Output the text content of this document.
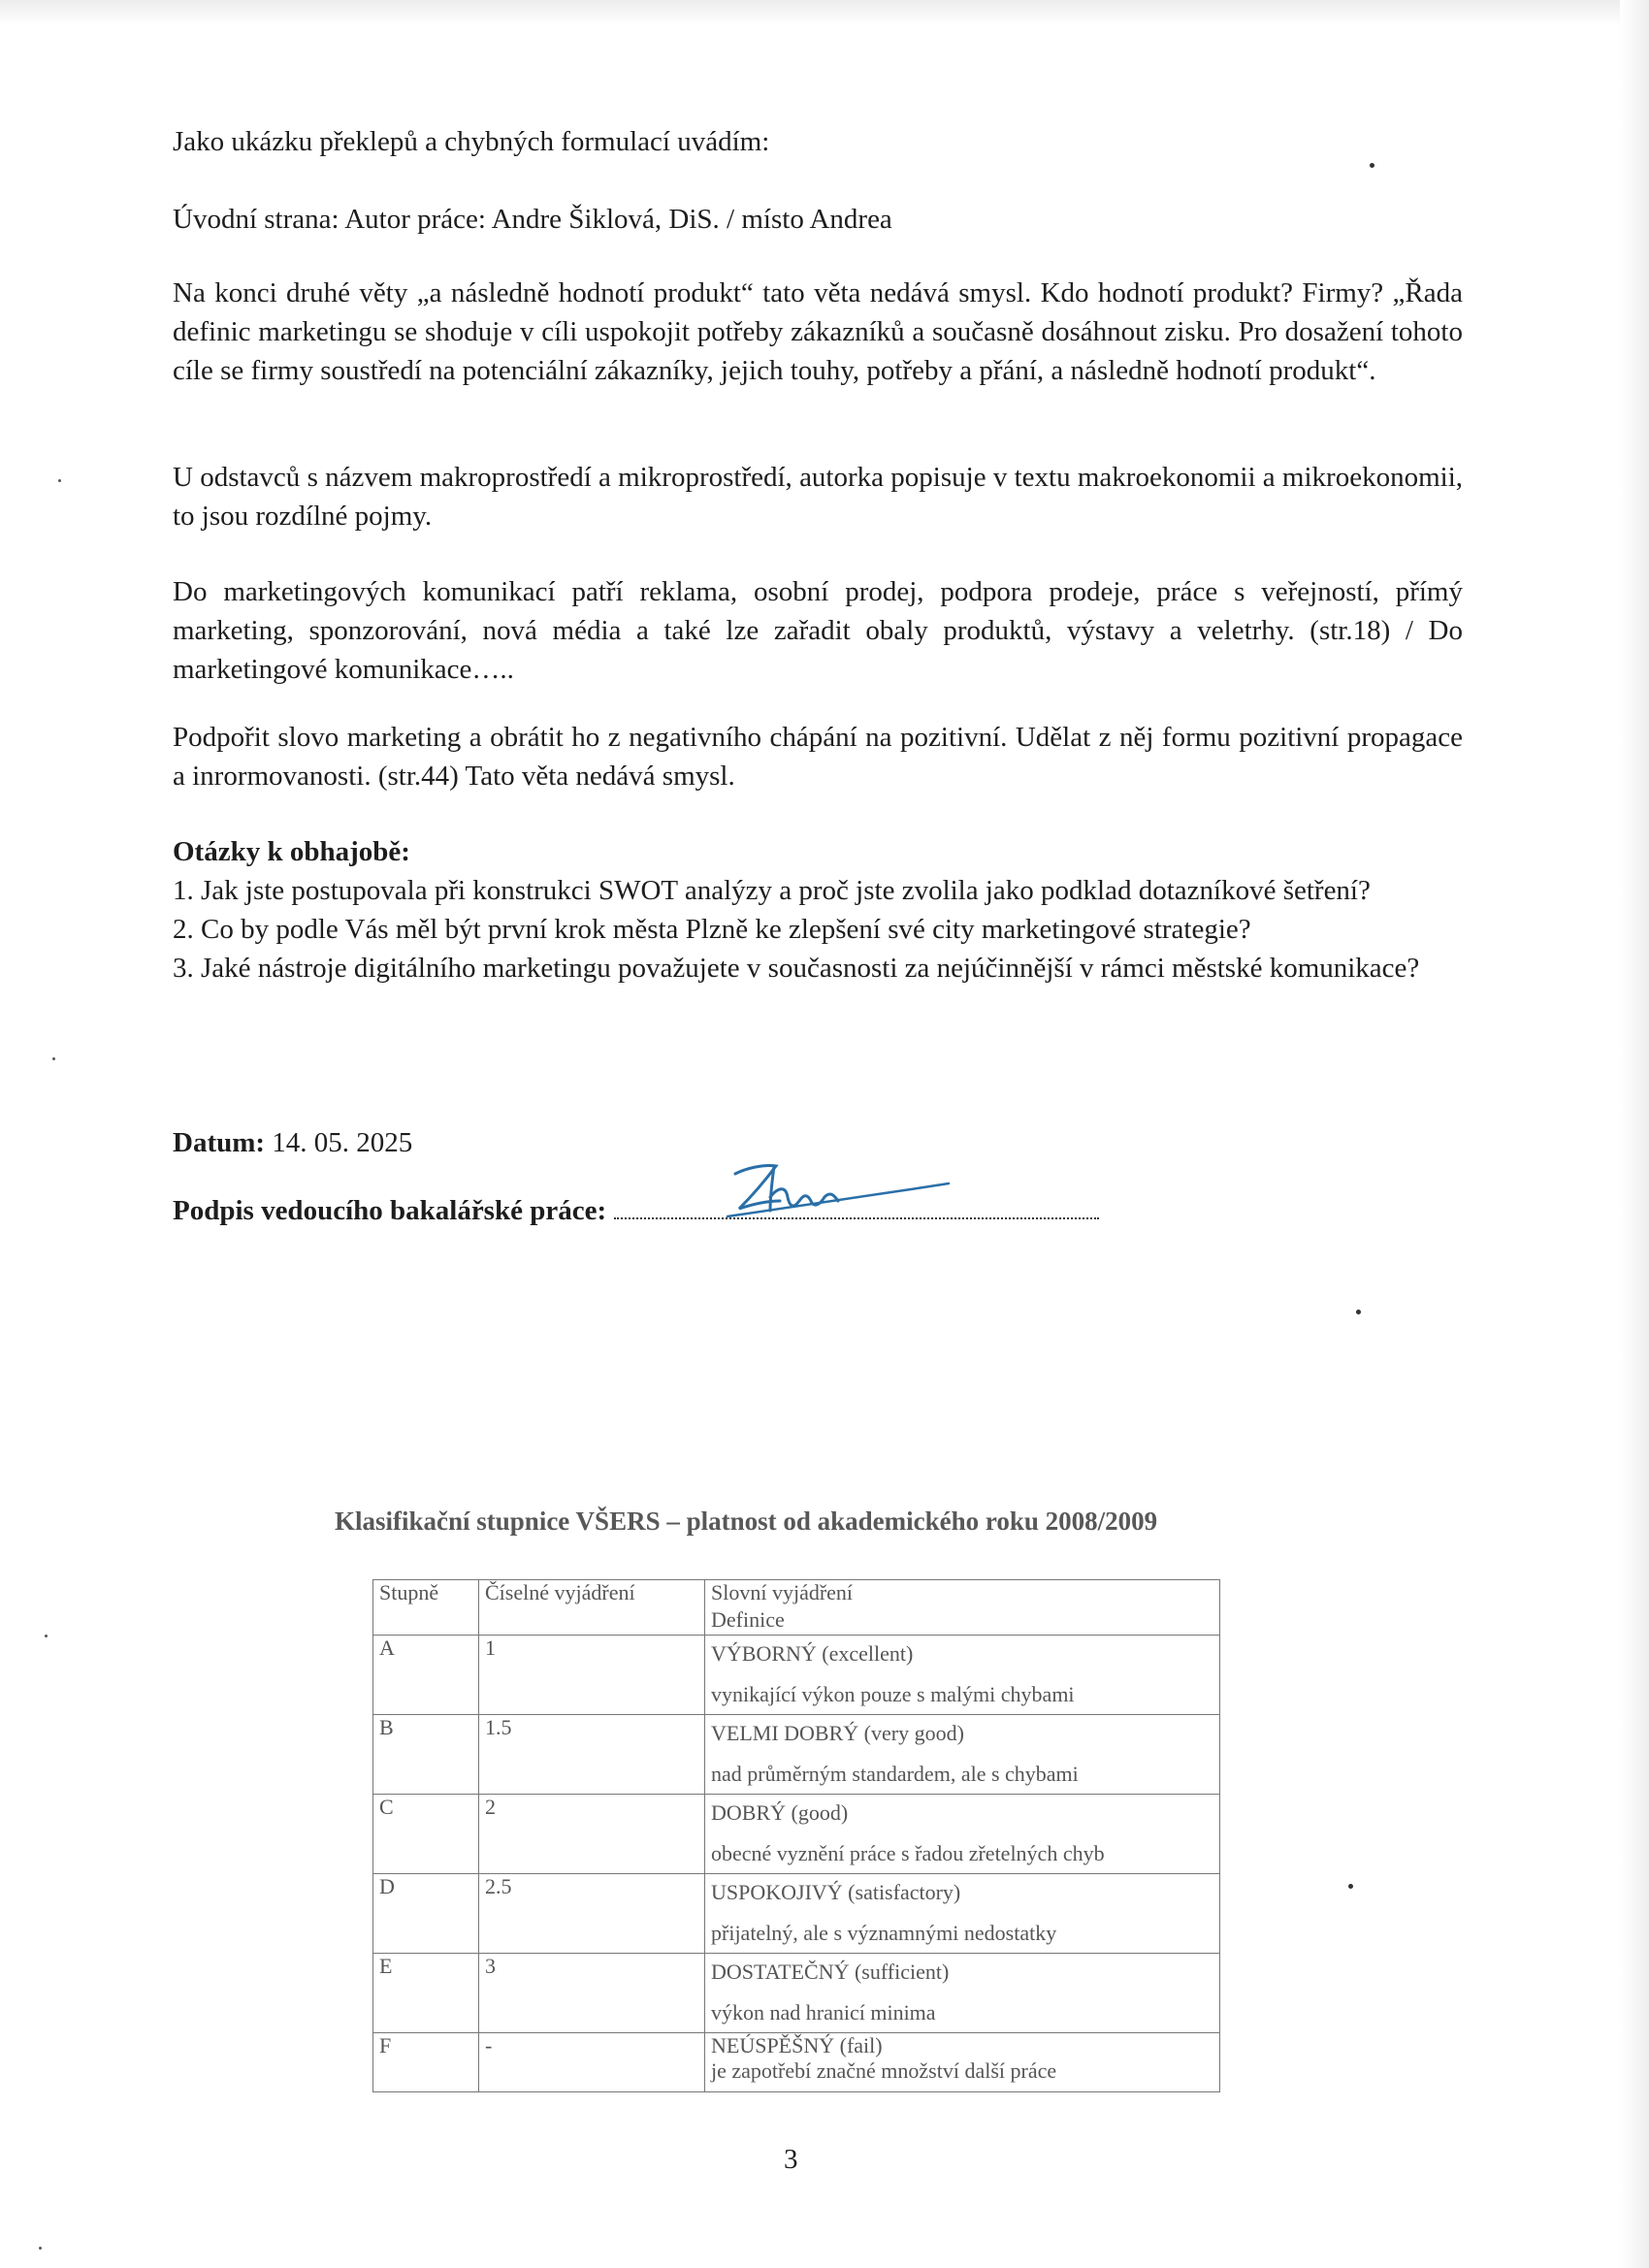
Jako ukázku překlepů a chybných formulací uvádím:

Úvodní strana: Autor práce: Andre Šiklová, DiS. / místo Andrea

Na konci druhé věty „a následně hodnotí produkt“ tato věta nedává smysl. Kdo hodnotí produkt? Firmy? „Řada definic marketingu se shoduje v cíli uspokojit potřeby zákazníků a současně dosáhnout zisku. Pro dosažení tohoto cíle se firmy soustředí na potenciální zákazníky, jejich touhy, potřeby a přání, a následně hodnotí produkt“.

U odstavců s názvem makroprostředí a mikroprostředí, autorka popisuje v textu makroekonomii a mikroekonomii, to jsou rozdílné pojmy.

Do marketingových komunikací patří reklama, osobní prodej, podpora prodeje, práce s veřejností, přímý marketing, sponzorování, nová média a také lze zařadit obaly produktů, výstavy a veletrhy. (str.18) / Do marketingové komunikace…..

Podpořit slovo marketing a obrátit ho z negativního chápání na pozitivní. Udělat z něj formu pozitivní propagace a inrormovanosti. (str.44) Tato věta nedává smysl.

Otázky k obhajobě:

1. Jak jste postupovala při konstrukci SWOT analýzy a proč jste zvolila jako podklad dotazníkové šetření?

2. Co by podle Vás měl být první krok města Plzně ke zlepšení své city marketingové strategie?

3. Jaké nástroje digitálního marketingu považujete v současnosti za nejúčinnější v rámci městské komunikace?

Datum: 14. 05. 2025
Podpis vedoucího bakalářské práce:
Klasifikační stupnice VŠERS – platnost od akademického roku 2008/2009
Stupně	Číselné vyjádření	Slovní vyjádření
Definice

A	1	VÝBORNÝ (excellent)
vynikající výkon pouze s malými chybami

B	1.5	VELMI DOBRÝ (very good)
nad průměrným standardem, ale s chybami

C	2	DOBRÝ (good)
obecné vyznění práce s řadou zřetelných chyb

D	2.5	USPOKOJIVÝ (satisfactory)
přijatelný, ale s významnými nedostatky

E	3	DOSTATEČNÝ (sufficient)
výkon nad hranicí minima

F	-	NEÚSPĚŠNÝ (fail)
je zapotřebí značné množství další práce
3
